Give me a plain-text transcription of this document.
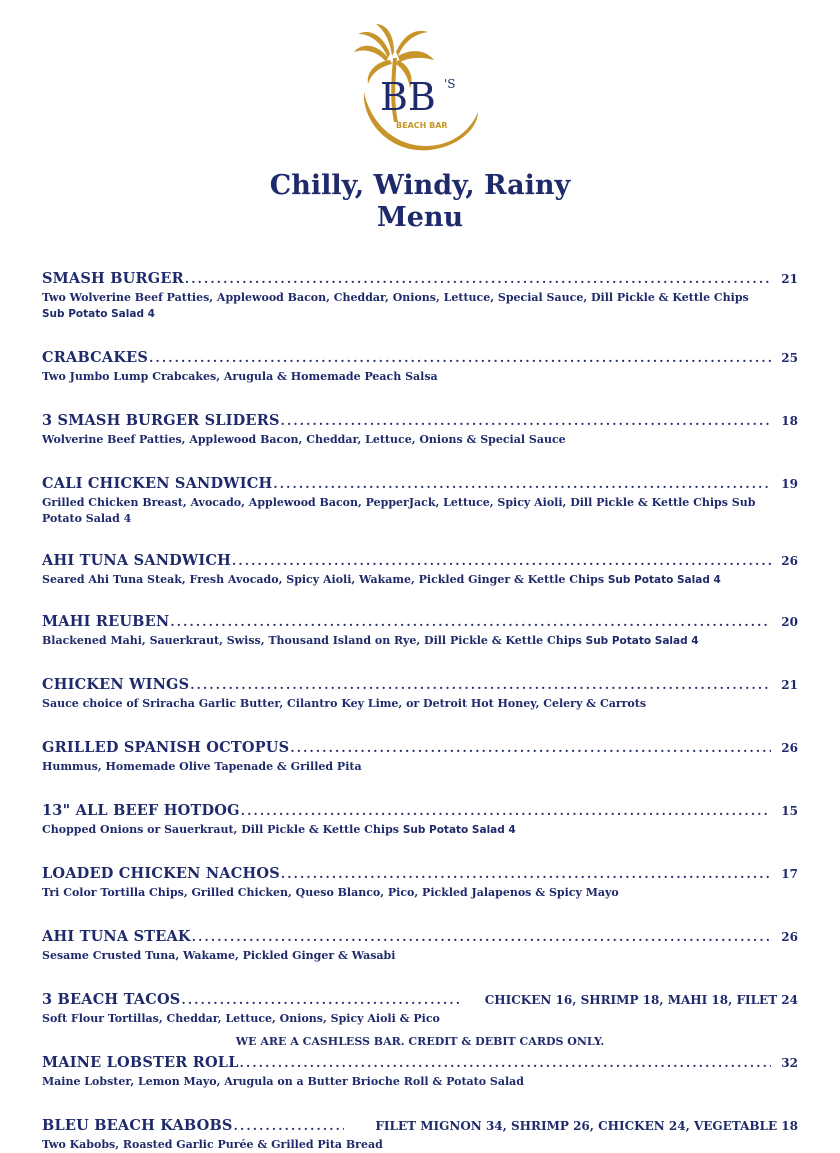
BB 'S
BEACH BAR
Chilly, Windy, Rainy
Menu
SMASH BURGER .....	21
Two Wolverine Beef Patties, Applewood Bacon, Cheddar, Onions, Lettuce, Special Sauce, Dill Pickle & Kettle Chips
Sub Potato Salad 4
CRABCAKES .....	25
Two Jumbo Lump Crabcakes, Arugula & Homemade Peach Salsa
3 SMASH BURGER SLIDERS .....	18
Wolverine Beef Patties, Applewood Bacon, Cheddar, Lettuce, Onions & Special Sauce
CALI CHICKEN SANDWICH .....	19
Grilled Chicken Breast, Avocado, Applewood Bacon, PepperJack, Lettuce, Spicy Aioli, Dill Pickle & Kettle Chips Sub Potato Salad 4
AHI TUNA SANDWICH .....	26
Seared Ahi Tuna Steak, Fresh Avocado, Spicy Aioli, Wakame, Pickled Ginger & Kettle Chips Sub Potato Salad 4
MAHI REUBEN .....	20
Blackened Mahi, Sauerkraut, Swiss, Thousand Island on Rye, Dill Pickle & Kettle Chips Sub Potato Salad 4
CHICKEN WINGS .....	21
Sauce choice of Sriracha Garlic Butter, Cilantro Key Lime, or Detroit Hot Honey, Celery & Carrots
GRILLED SPANISH OCTOPUS .....	26
Hummus, Homemade Olive Tapenade & Grilled Pita
13" ALL BEEF HOTDOG .....	15
Chopped Onions or Sauerkraut, Dill Pickle & Kettle Chips Sub Potato Salad 4
LOADED CHICKEN NACHOS .....	17
Tri Color Tortilla Chips, Grilled Chicken, Queso Blanco, Pico, Pickled Jalapenos & Spicy Mayo
AHI TUNA STEAK .....	26
Sesame Crusted Tuna, Wakame, Pickled Ginger & Wasabi
3 BEACH TACOS .....	CHICKEN 16, SHRIMP 18, MAHI 18, FILET 24
Soft Flour Tortillas, Cheddar, Lettuce, Onions, Spicy Aioli & Pico
MAINE LOBSTER ROLL .....	32
Maine Lobster, Lemon Mayo, Arugula on a Butter Brioche Roll & Potato Salad
BLEU BEACH KABOBS .....	FILET MIGNON 34, SHRIMP 26, CHICKEN 24, VEGETABLE 18
Two Kabobs, Roasted Garlic Purée & Grilled Pita Bread
WE ARE A CASHLESS BAR. CREDIT & DEBIT CARDS ONLY.
